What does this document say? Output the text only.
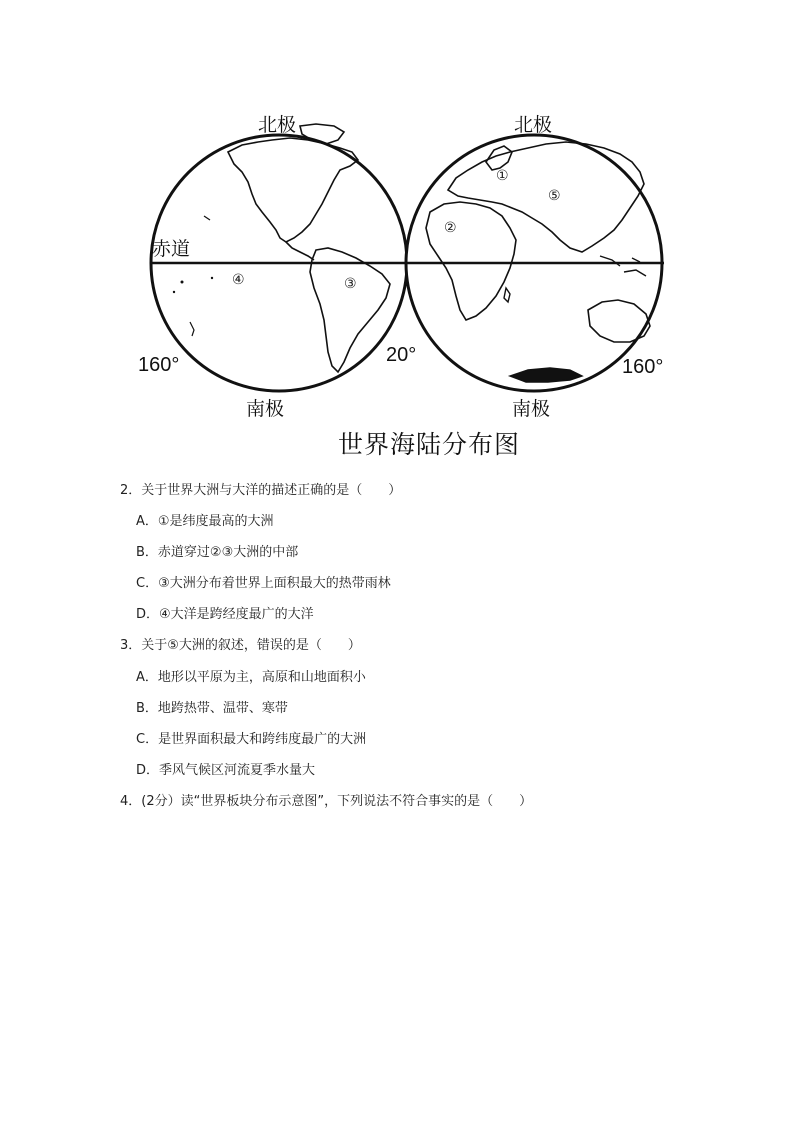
北极	北极
南极	南极
赤道
160°	20°
160°
①
②
③
④
⑤
世界海陆分布图
2．关于世界大洲与大洋的描述正确的是（　　）
A．①是纬度最高的大洲
B．赤道穿过②③大洲的中部
C．③大洲分布着世界上面积最大的热带雨林
D．④大洋是跨经度最广的大洋
3．关于⑤大洲的叙述，错误的是（　　）
A．地形以平原为主，高原和山地面积小
B．地跨热带、温带、寒带
C．是世界面积最大和跨纬度最广的大洲
D．季风气候区河流夏季水量大
4．(2分）读“世界板块分布示意图”，下列说法不符合事实的是（　　）
